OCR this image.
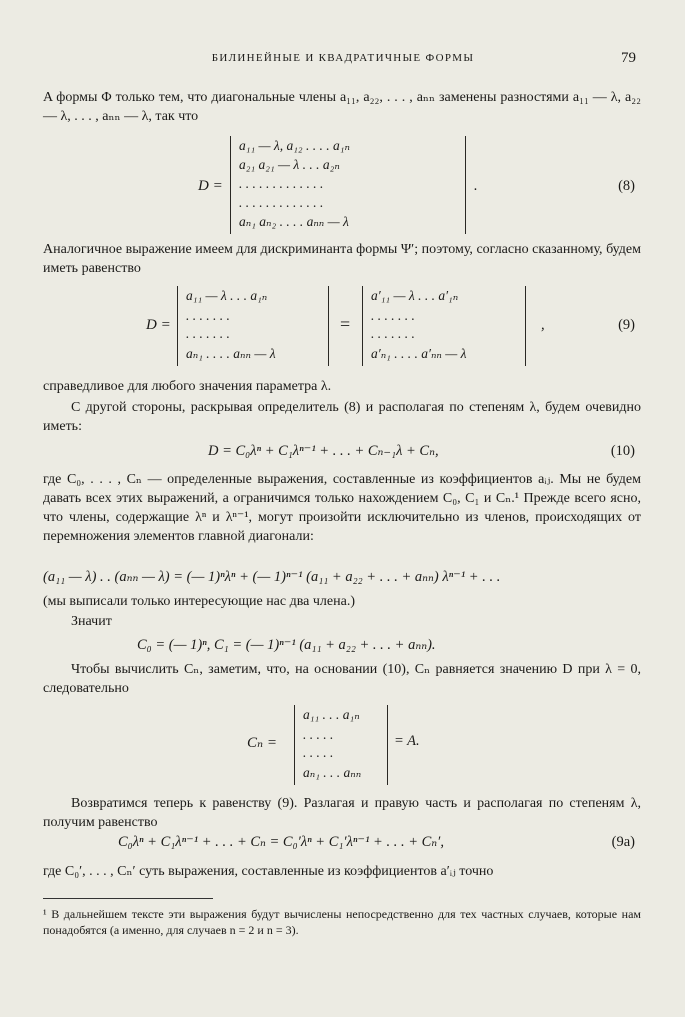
БИЛИНЕЙНЫЕ И КВАДРАТИЧНЫЕ ФОРМЫ	79
A формы Φ только тем, что диагональные члены a₁₁, a₂₂, . . . , aₙₙ заменены разностями a₁₁ — λ, a₂₂ — λ, . . . , aₙₙ — λ, так что
D =
a₁₁ — λ, a₁₂ . . . . a₁ₙ
a₂₁ a₂₁ — λ . . . a₂ₙ
. . . . . . . . . . . . .
. . . . . . . . . . . . .
aₙ₁ aₙ₂ . . . . aₙₙ — λ
.	(8)
Аналогичное выражение имеем для дискриминанта формы Ψ′; поэтому, согласно сказанному, будем иметь равенство
D =
a₁₁ — λ . . . a₁ₙ
. . . . . . .
. . . . . . .
aₙ₁ . . . . aₙₙ — λ
=
a′₁₁ — λ . . . a′₁ₙ
. . . . . . .
. . . . . . .
a′ₙ₁ . . . . a′ₙₙ — λ
,	(9)
справедливое для любого значения параметра λ.
С другой стороны, раскрывая определитель (8) и располагая по степеням λ, будем очевидно иметь:
D = C₀λⁿ + C₁λⁿ⁻¹ + . . . + Cₙ₋₁λ + Cₙ,	(10)
где C₀, . . . , Cₙ — определенные выражения, составленные из коэффициентов aᵢⱼ. Мы не будем давать всех этих выражений, а ограничимся только нахождением C₀, C₁ и Cₙ.¹ Прежде всего ясно, что члены, содержащие λⁿ и λⁿ⁻¹, могут произойти исключительно из членов, происходящих от перемножения элементов главной диагонали:
(a₁₁ — λ) . . (aₙₙ — λ) = (— 1)ⁿλⁿ + (— 1)ⁿ⁻¹ (a₁₁ + a₂₂ + . . . + aₙₙ) λⁿ⁻¹ + . . .
(мы выписали только интересующие нас два члена.)
Значит
C₀ = (— 1)ⁿ, C₁ = (— 1)ⁿ⁻¹ (a₁₁ + a₂₂ + . . . + aₙₙ).
Чтобы вычислить Cₙ, заметим, что, на основании (10), Cₙ равняется значению D при λ = 0, следовательно
Cₙ =
a₁₁ . . . a₁ₙ
. . . . .
. . . . .
aₙ₁ . . . aₙₙ
= A.
Возвратимся теперь к равенству (9). Разлагая и правую часть и располагая по степеням λ, получим равенство
C₀λⁿ + C₁λⁿ⁻¹ + . . . + Cₙ = C₀′λⁿ + C₁′λⁿ⁻¹ + . . . + Cₙ′,	(9a)
где C₀′, . . . , Cₙ′ суть выражения, составленные из коэффициентов a′ᵢⱼ точно
¹ В дальнейшем тексте эти выражения будут вычислены непосредственно для тех частных случаев, которые нам понадобятся (а именно, для случаев n = 2 и n = 3).
